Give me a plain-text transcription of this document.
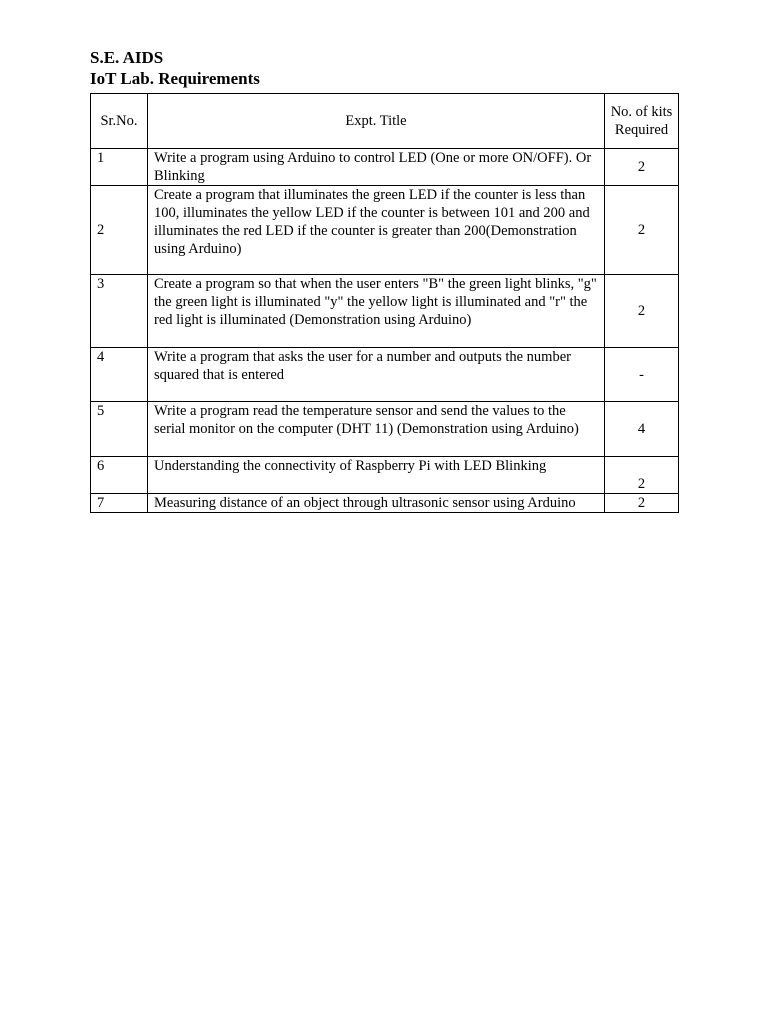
S.E. AIDS

IoT Lab. Requirements

Sr.No.	Expt. Title	No. of kits Required
1	Write a program using Arduino to control LED (One or more ON/OFF). Or Blinking	2
2	Create a program that illuminates the green LED if the counter is less than 100, illuminates the yellow LED if the counter is between 101 and 200 and illuminates the red LED if the counter is greater than 200(Demonstration using Arduino)	2
3	Create a program so that when the user enters "B" the green light blinks, "g" the green light is illuminated "y" the yellow light is illuminated and "r" the red light is illuminated (Demonstration using Arduino)	2
4	Write a program that asks the user for a number and outputs the number squared that is entered	-
5	Write a program read the temperature sensor and send the values to the serial monitor on the computer (DHT 11) (Demonstration using Arduino)	4
6	Understanding the connectivity of Raspberry Pi with LED Blinking	2
7	Measuring distance of an object through ultrasonic sensor using Arduino	2
